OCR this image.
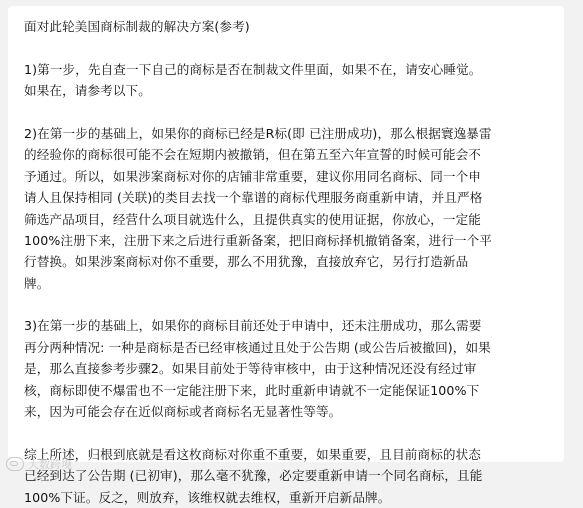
面对此轮美国商标制裁的解决方案(参考)

1)第一步，先自查一下自己的商标是否在制裁文件里面，如果不在，请安心睡觉。

如果在，请参考以下。

2)在第一步的基础上，如果你的商标已经是R标(即 已注册成功)，那么根据寰逸暴雷

的经验你的商标很可能不会在短期内被撤销，但在第五至六年宣誓的时候可能会不

予通过。所以，如果涉案商标对你的店铺非常重要，建议你用同名商标、同一个申

请人且保持相同 (关联)的类目去找一个靠谱的商标代理服务商重新申请，并且严格

筛选产品项目，经营什么项目就选什么，且提供真实的使用证据，你放心，一定能

100%注册下来，注册下来之后进行重新备案，把旧商标择机撤销备案，进行一个平

行替换。如果涉案商标对你不重要，那么不用犹豫，直接放弃它，另行打造新品

牌。

3)在第一步的基础上，如果你的商标目前还处于申请中，还未注册成功，那么需要

再分两种情况: 一种是商标是否已经审核通过且处于公告期 (或公告后被撤回)，如果

是，那么直接参考步骤2。如果目前处于等待审核中，由于这种情况还没有经过审

核，商标即使不爆雷也不一定能注册下来，此时重新申请就不一定能保证100%下

来，因为可能会存在近似商标或者商标名无显著性等等。

综上所述，归根到底就是看这枚商标对你重不重要，如果重要，且目前商标的状态

已经到达了公告期 (已初审)，那么毫不犹豫，必定要重新申请一个同名商标，且能

100%下证。反之，则放弃，该维权就去维权，重新开启新品牌。

大数跨境
